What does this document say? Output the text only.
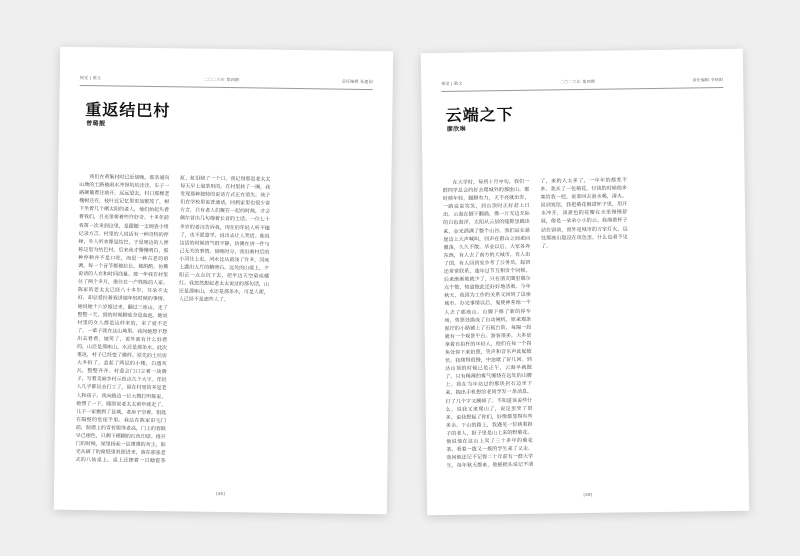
视觉 | 散文	二〇二六年 第四期	责任编辑 张建国
重返结巴村
曾璐靓
我们在黄集村时已近傍晚，那条通向山坳的土路被雨水冲得坑坑洼洼，车子一路颠簸着往前开。远远望去，村口那棵老槐树还在，枝叶比记忆里更加繁茂了，树下坐着几个晒太阳的老人，他们抬起头看着我们，目光里带着些许好奇。十多年前我第一次来到这里，是跟随一支调查小组记录方言。村里的人说话有一种奇特的停顿，外人听来像是结巴，于是周边的人便称这里为结巴村。后来我才慢慢明白，那种停顿并不是口吃，而是一种古老的语调，每一个音节都被拉长、被斟酌，仿佛说话的人在和时间商量。那一年我在村里住了两个多月，借住在一户姓陈的人家。陈家的老太太已经八十多岁，耳朵不太好，却总爱拉着我讲她年轻时候的事情。她说她十六岁嫁过来，翻过三座山，走了整整一天，到的时候脚底全是血泡。她说村里的女人都是这样来的，来了就不走了，一辈子就在这山坳里。我问她想不想出去看看，她笑了，说外面有什么好看的，山还是那座山，水还是那条水。此次重返，村子已经变了模样。原先的土坯房大多拆了，盖起了两层的小楼，白墙灰瓦，整整齐齐。村委会门口立着一块牌子，写着美丽乡村示范点几个大字。年轻人几乎都出去打工了，留在村里的多是老人和孩子。我向路边一位大嫂打听陈家，她愣了一下，随即说老太太前年就走了，儿子一家搬到了县城，老房子空着，钥匙在隔壁的堂侄手里。我站在陈家旧宅门前，院墙上的青苔爬得老高，门上的春联早已褪色，只剩下模糊的红色印迹。推开门的时候，屋里扬起一层薄薄的灰尘，阳光从破了的窗纸里斜照进来，落在那张老式的八仙桌上。桌上还摆着一只搪瓷茶缸，缸沿缺了一个口，我记得那是老太太每天早上泡茶用的。在村里转了一圈，我发现那种独特的说话方式正在消失。孩子们在学校里说普通话，回到家里也很少讲方言，只有老人们聚在一起的时候，才会偶尔冒出几句拖着长音的土话。一位七十多岁的老汉告诉我，现在的年轻人听不懂了，也不愿意学，说出去让人笑话。他说这话的时候语气很平静，仿佛在讲一件与己无关的事情。傍晚时分，我沿着村后的小河往上走，河水比从前浅了许多，河床上露出大片的鹅卵石。远处的山梁上，夕阳正一点点沉下去，把半边天空染成橘红。我忽然想起老太太说过的那句话，山还是那座山，水还是那条水，可是人呢，人已经不是那些人了。
[46]
视觉 | 散文	二〇二六年 第四期	责任编辑 李秋阳
云端之下
廖欣琳
在大学时，每到十月中旬，我们一群同学总会约好去爬城外的那座山。那时候年轻，腿脚有力，天不亮就出发，一路说说笑笑，到山顶时正好赶上日出。云海在脚下翻涌，像一片无边无际的白色海洋，太阳从云层的缝隙里跳出来，金光洒满了整个山谷。我们站在悬崖边上大声喊叫，回声在群山之间来回激荡，久久不散。毕业以后，大家各奔东西，有人去了南方的大城市，有人出了国，有人回到家乡考了公务员。起初还常常联系，逢年过节互相发个问候，后来渐渐地就少了，只在朋友圈里偶尔点个赞，知道彼此还好好地活着。今年秋天，我因为工作的关系又回到了这座城市。办完事情以后，鬼使神差地一个人去了那座山。山脚下修了新的停车场，售票处换成了自动闸机，原来那条泥泞的小路铺上了石板台阶，每隔一段就有一个观景平台。游客很多，大多是拿着自拍杆的年轻人，他们在每一个拐角处停下来拍照，笑声和音乐声此起彼伏。我爬得很慢，中途歇了好几回。到达山顶的时候已是正午，云海早就散了，只有稀薄的雾气缠绕在远处的山腰上。我在当年站过的那块岩石边坐下来，掏出手机想给老同学发一条消息，打了几个字又删掉了。不知道该说些什么，说我又来爬山了，说这里变了很多，说我想起了你们，好像都显得有些多余。下山的路上，我遇见一位挑着担子的老人，担子里是山上采的野菊花。他说他在这山上卖了三十多年的菊花茶，看着一拨又一拨的学生来了又走。我问他还记不记得二十年前有一群大学生，每年秋天都来，他摇摇头说记不清了，来的人太多了，一年年的都差不多。我买了一包菊花，付钱的时候他多塞给我一把，说拿回去泡水喝，清火。回到宾馆，我把菊花倒进杯子里，用开水冲开，淡黄色的花瓣在水里慢慢舒展，像是一朵朵小小的云。我端着杯子站在窗前，窗外是城市的万家灯火，远处那座山隐没在夜色里，什么也看不见了。
[48]
